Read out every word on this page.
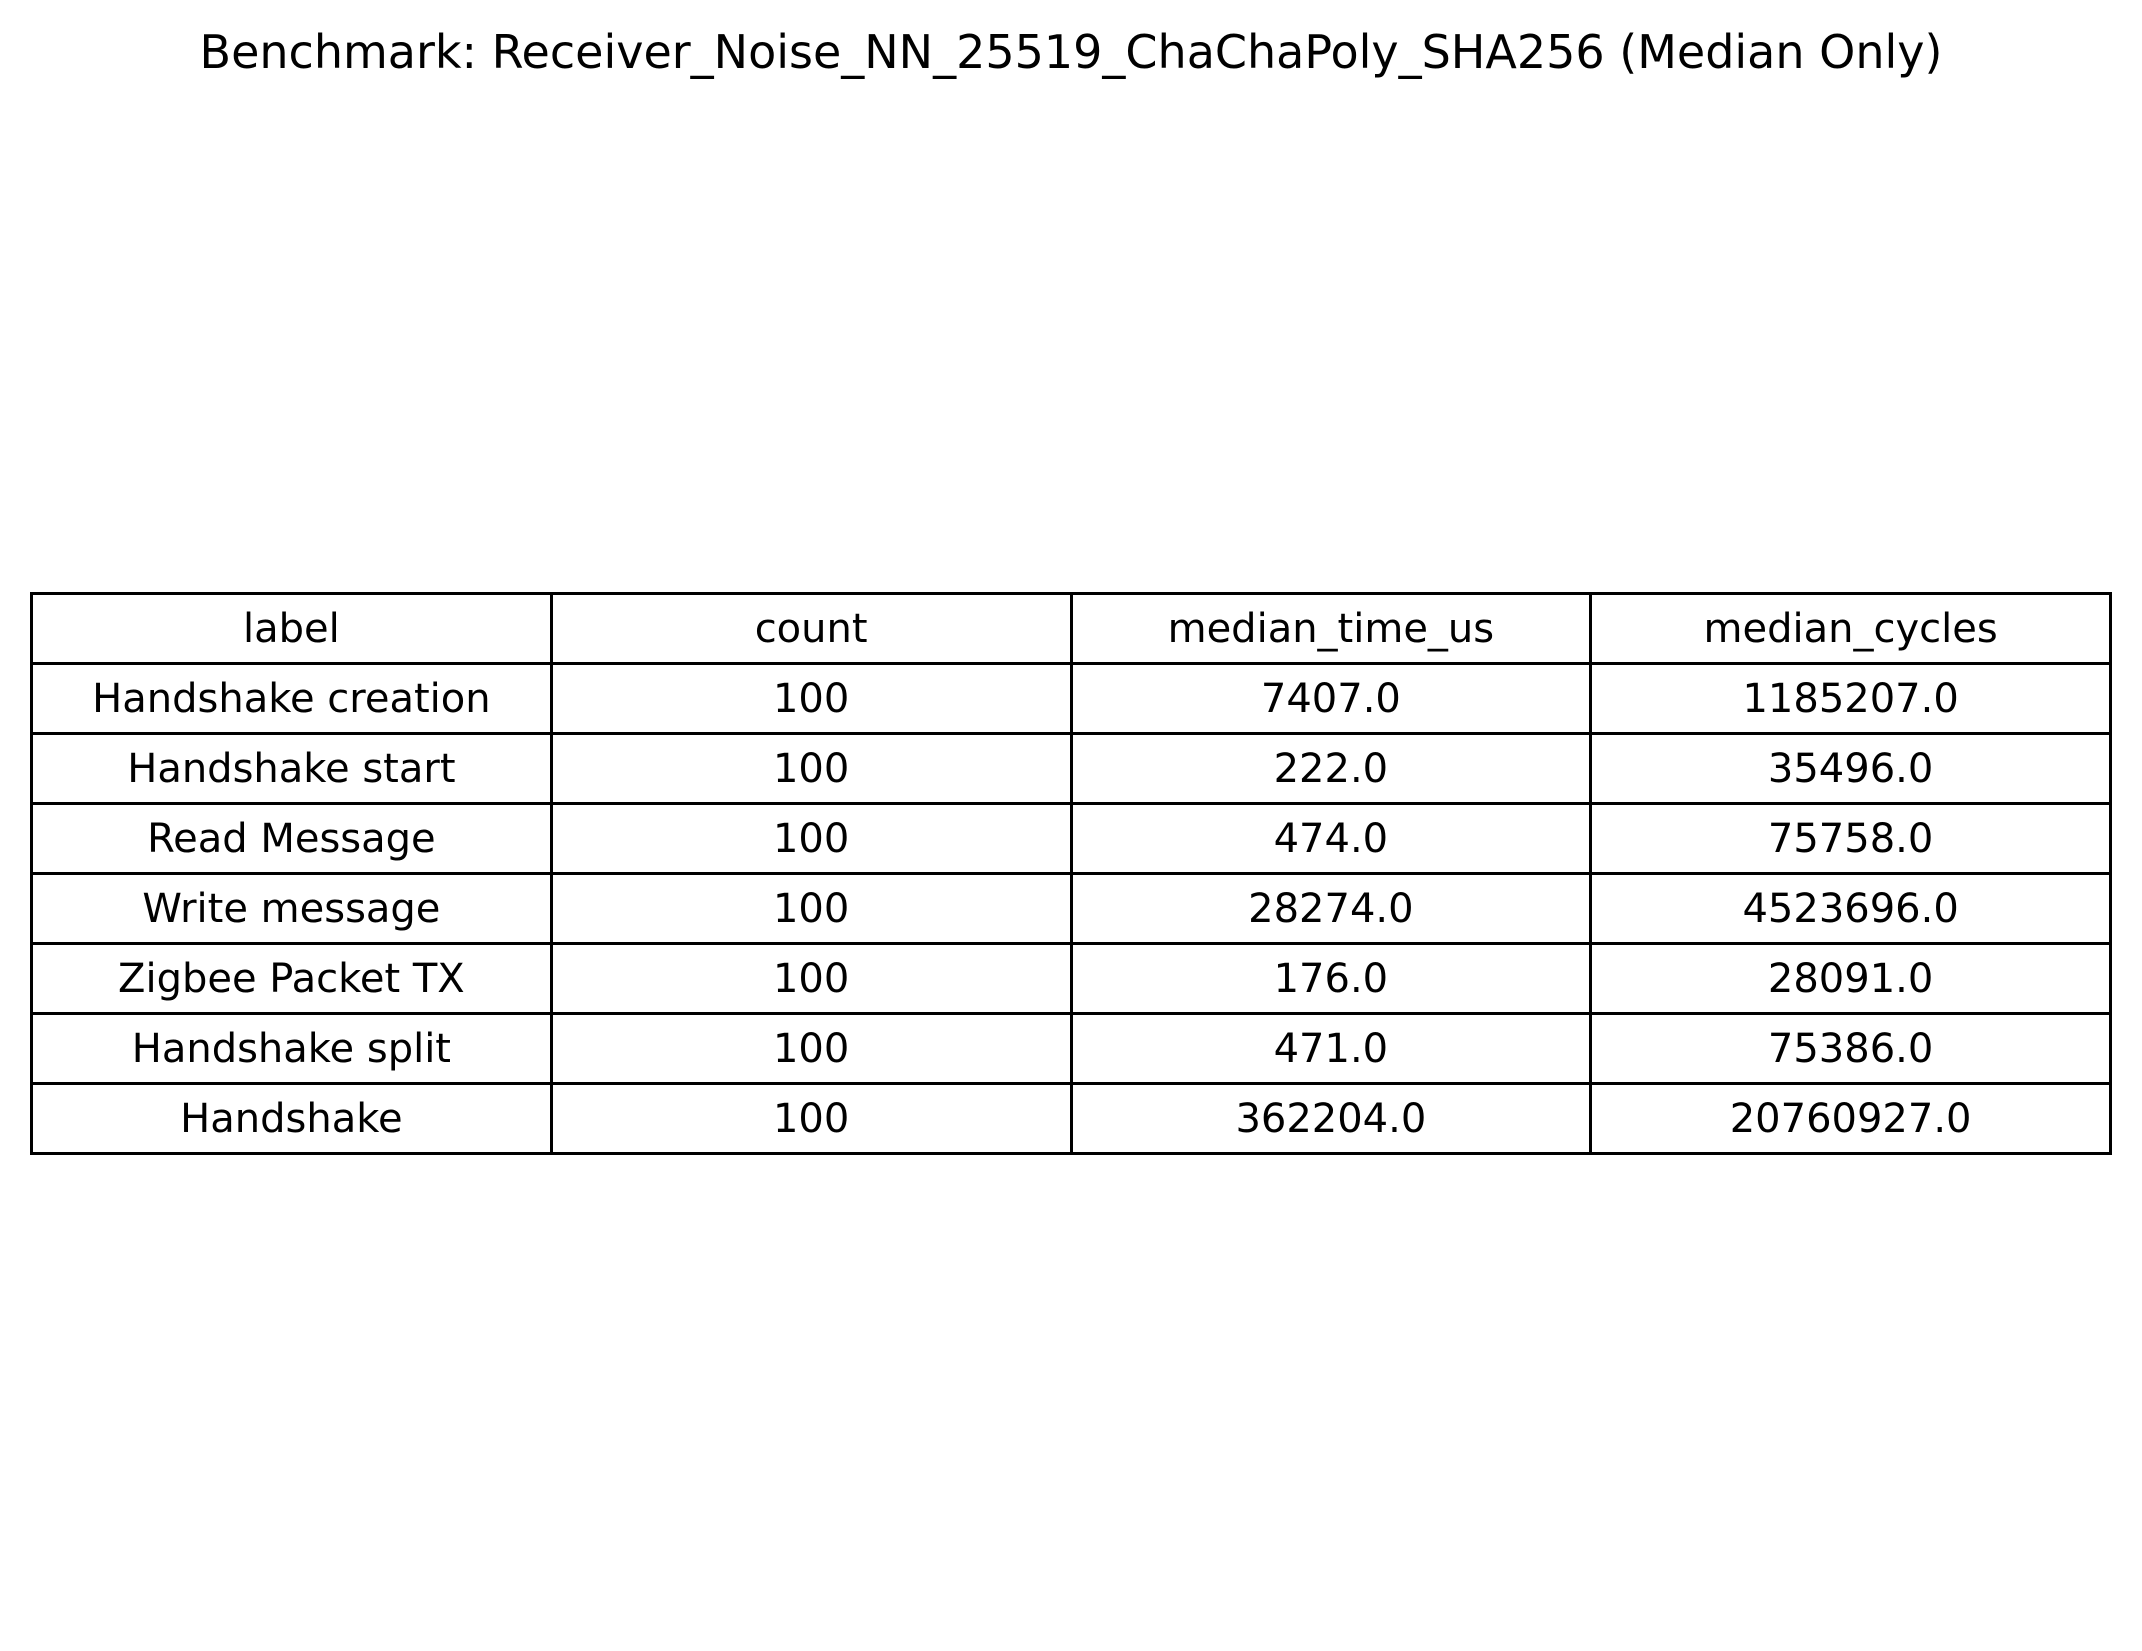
Benchmark: Receiver_Noise_NN_25519_ChaChaPoly_SHA256 (Median Only)
label	count	median_time_us	median_cycles
Handshake creation	100	7407.0	1185207.0
Handshake start	100	222.0	35496.0
Read Message	100	474.0	75758.0
Write message	100	28274.0	4523696.0
Zigbee Packet TX	100	176.0	28091.0
Handshake split	100	471.0	75386.0
Handshake	100	362204.0	20760927.0
